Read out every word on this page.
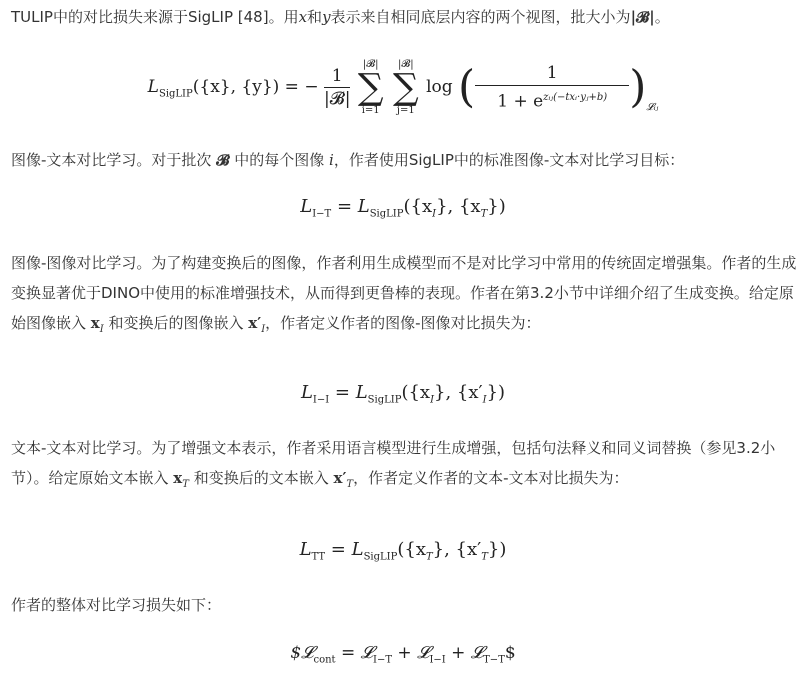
TULIP中的对比损失来源于SigLIP [48]。用x和y表示来自相同底层内容的两个视图，批大小为|𝓑|。

$L_{SigLIP}(\{x\}$, {y}) = − $\frac{1}{\text{|𝓑|}}$

|𝓑|
∑
i=1

|𝓑|
∑
j=1
log ( $\frac{1}{1 + e^{zᵢⱼ(-txᵢ\cdot yⱼ+b)}} )_{𝓛ᵢⱼ}$

图像-文本对比学习。对于批次 𝓑 中的每个图像 i，作者使用SigLIP中的标准图像-文本对比学习目标：

$L_{I-T} = L_{SigLIP}(\{x_I\}$, $\{x_T\}$)

图像-图像对比学习。为了构建变换后的图像，作者利用生成模型而不是对比学习中常用的传统固定增强集。作者的生成变换显著优于DINO中使用的标准增强技术，从而得到更鲁棒的表现。作者在第3.2小节中详细介绍了生成变换。给定原始图像嵌入 $x_I$ 和变换后的图像嵌入 $x'_I$，作者定义作者的图像-图像对比损失为：

$L_{I-I} = L_{SigLIP}(\{x_I\}$, $\{x'_I\}$)

文本-文本对比学习。为了增强文本表示，作者采用语言模型进行生成增强，包括句法释义和同义词替换（参见3.2小节）。给定原始文本嵌入 $x_T$ 和变换后的文本嵌入 $x'_T$，作者定义作者的文本-文本对比损失为：

$L_{TT} = L_{SigLIP}(\{x_T\}$, $\{x'_T\}$)

作者的整体对比学习损失如下：

$𝓛$_{cont}$ = 𝓛$_{I-T}$ + 𝓛$_{I-I}$ + 𝓛$_{T-T}$\$
